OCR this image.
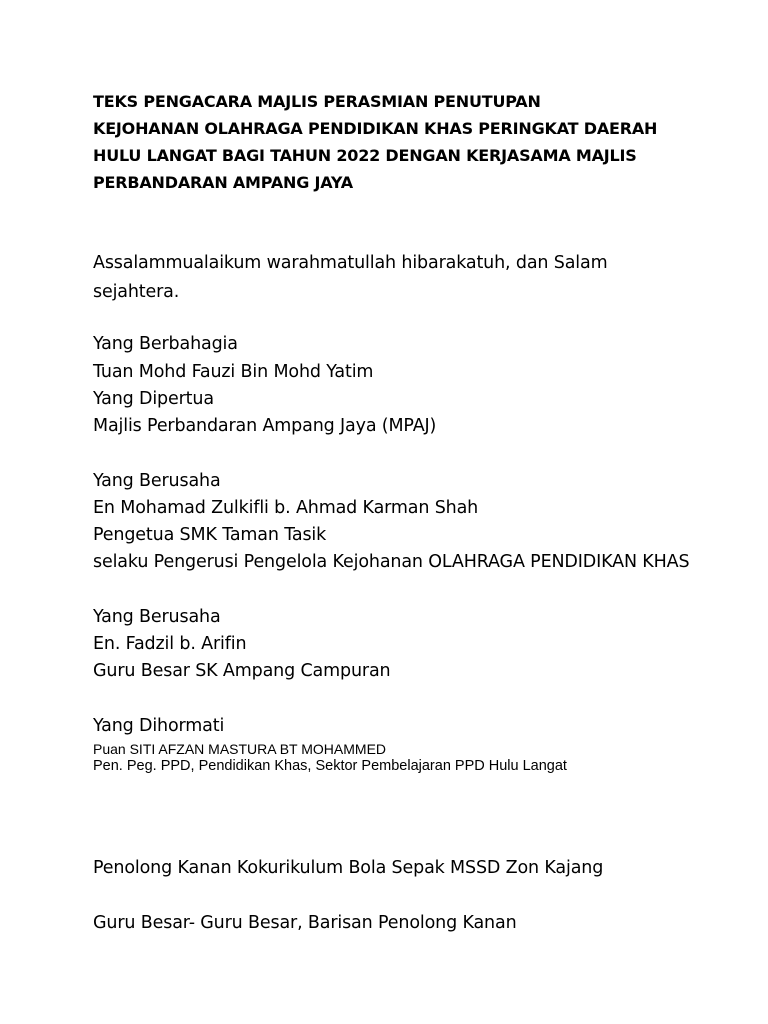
TEKS PENGACARA MAJLIS PERASMIAN PENUTUPAN
KEJOHANAN OLAHRAGA PENDIDIKAN KHAS PERINGKAT DAERAH
HULU LANGAT BAGI TAHUN 2022 DENGAN KERJASAMA MAJLIS
PERBANDARAN AMPANG JAYA
Assalammualaikum warahmatullah hibarakatuh, dan Salam
sejahtera.
Yang Berbahagia
Tuan Mohd Fauzi Bin Mohd Yatim
Yang Dipertua
Majlis Perbandaran Ampang Jaya (MPAJ)
Yang Berusaha
En Mohamad Zulkifli b. Ahmad Karman Shah
Pengetua SMK Taman Tasik
selaku Pengerusi Pengelola Kejohanan OLAHRAGA PENDIDIKAN KHAS
Yang Berusaha
En. Fadzil b. Arifin
Guru Besar SK Ampang Campuran
Yang Dihormati
Puan SITI AFZAN MASTURA BT MOHAMMED
Pen. Peg. PPD, Pendidikan Khas, Sektor Pembelajaran PPD Hulu Langat
Penolong Kanan Kokurikulum Bola Sepak MSSD Zon Kajang
Guru Besar- Guru Besar, Barisan Penolong Kanan
